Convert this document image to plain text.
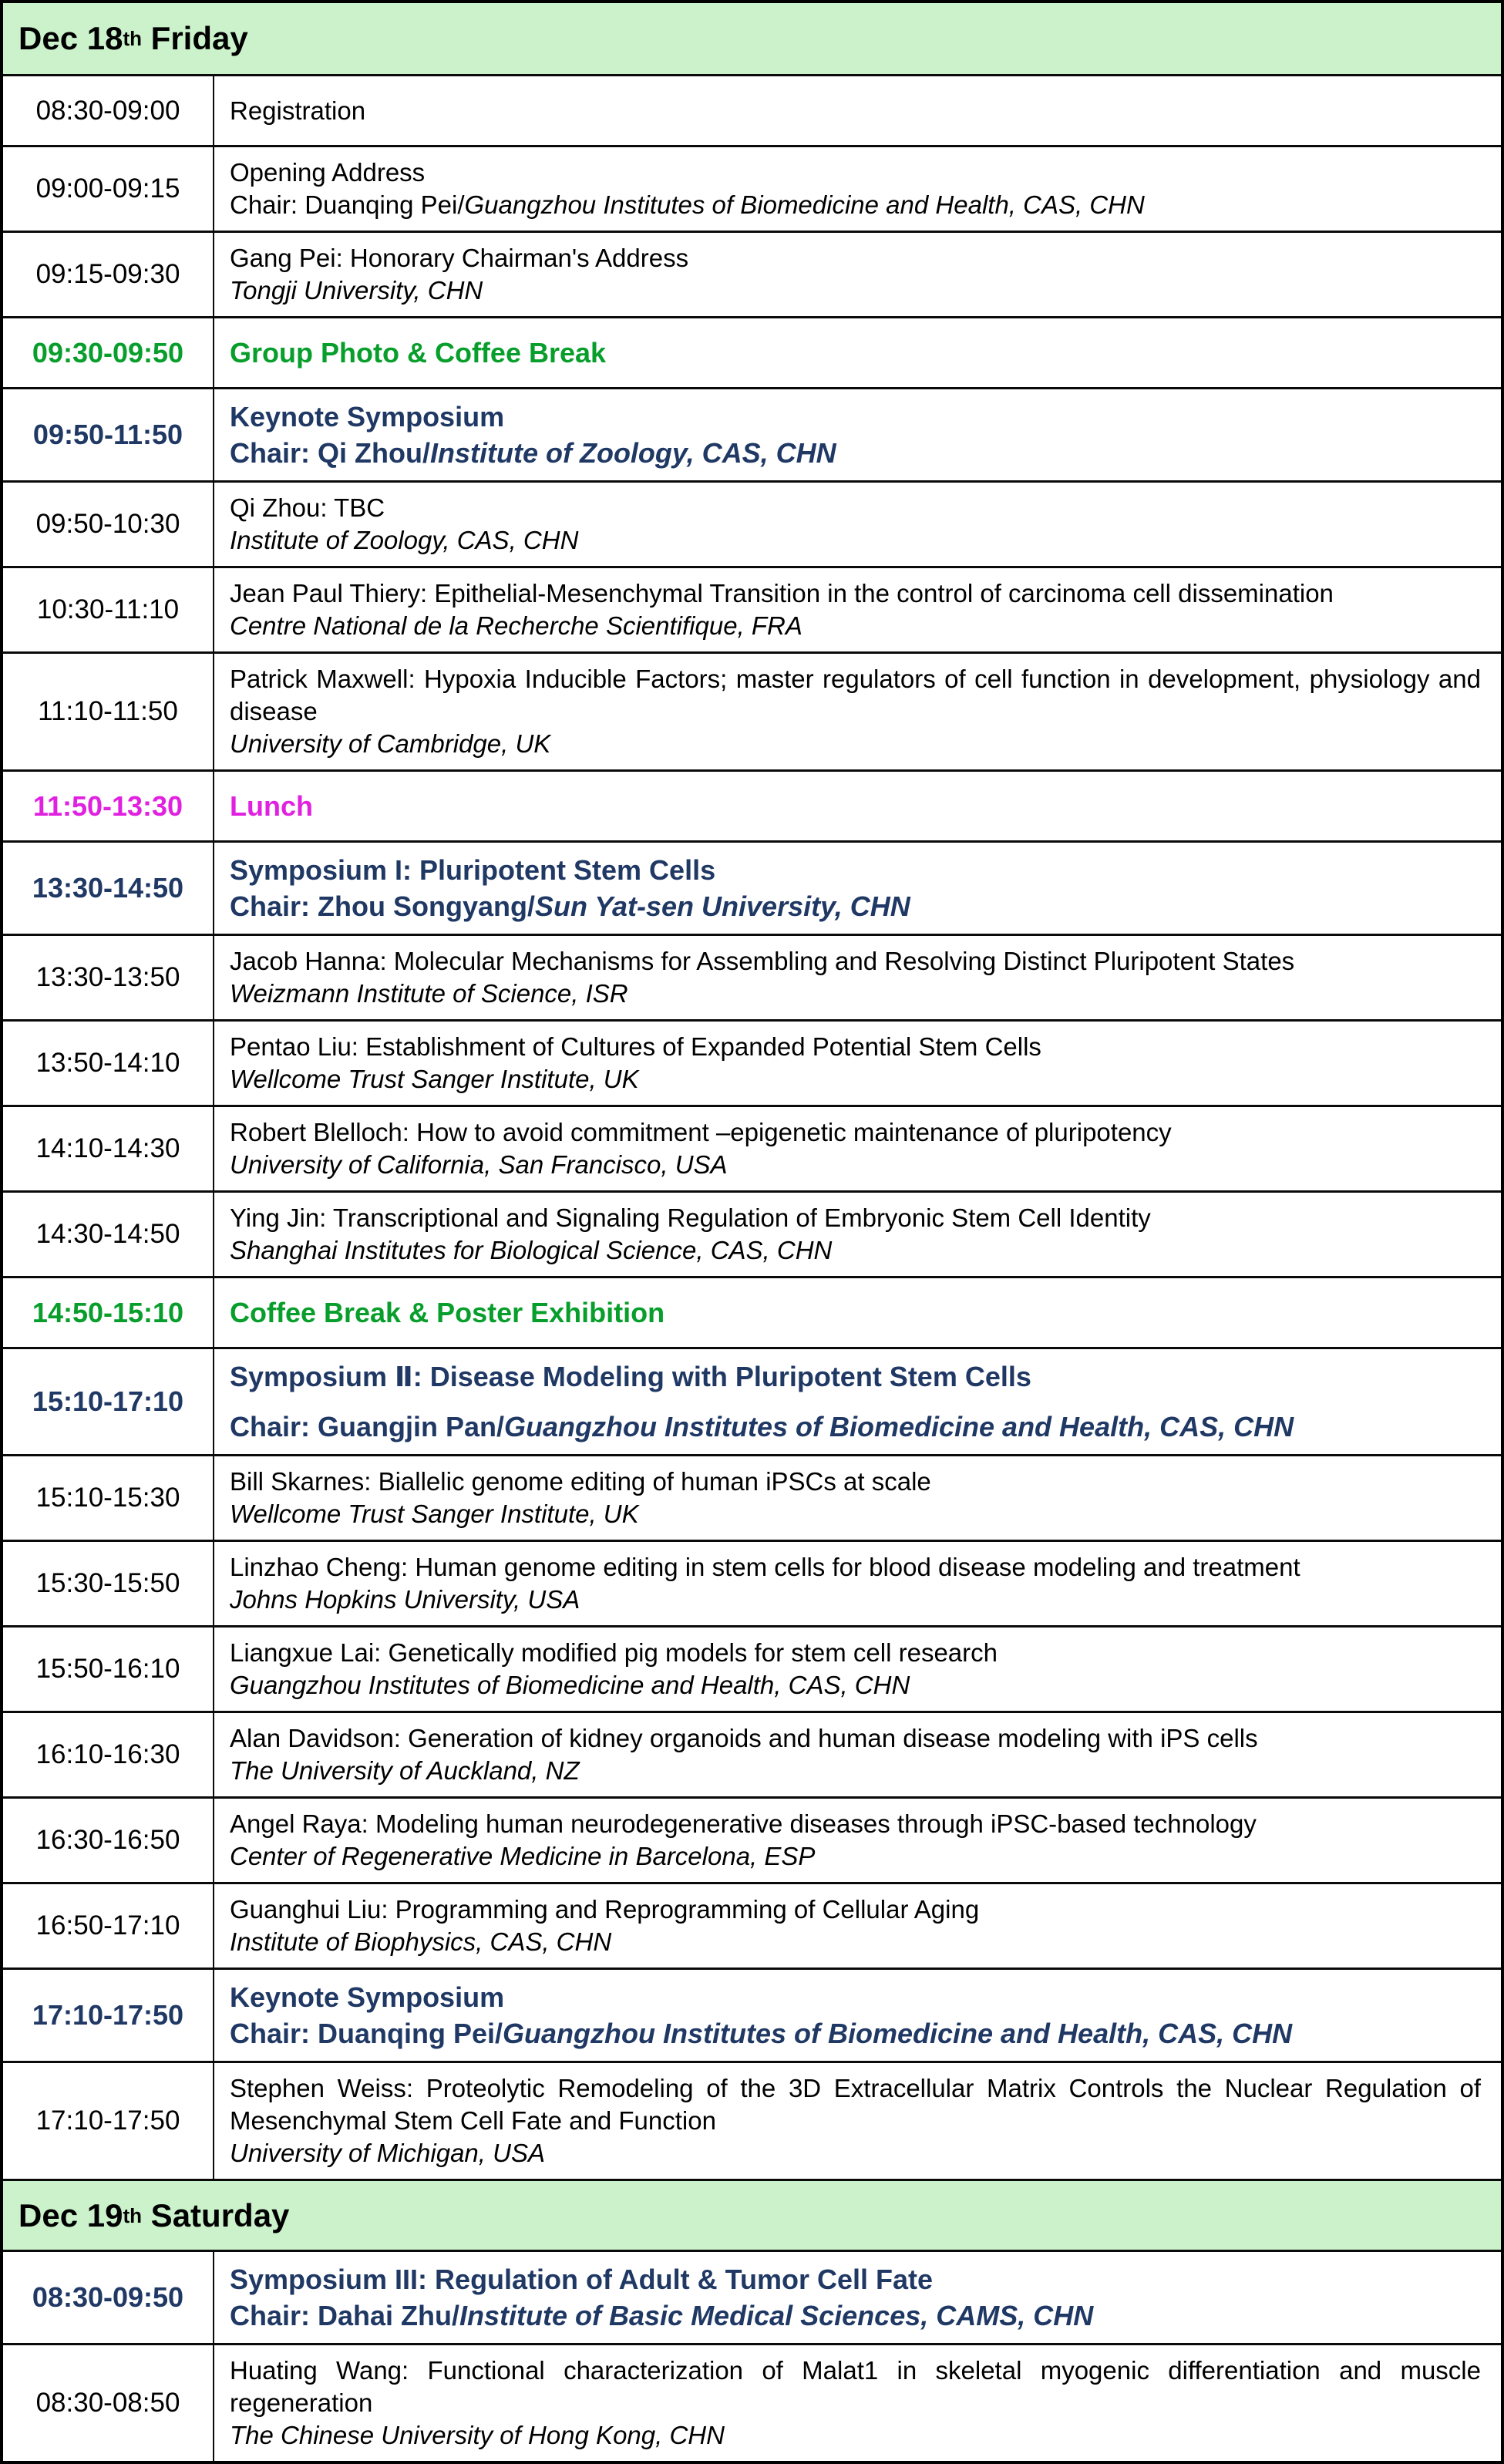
Dec 18 th Friday
08:30-09:00	Registration
09:00-09:15
Opening Address
Chair: Duanqing Pei/Guangzhou Institutes of Biomedicine and Health, CAS, CHN
09:15-09:30
Gang Pei: Honorary Chairman's Address
Tongji University, CHN
09:30-09:50	Group Photo & Coffee Break
09:50-11:50
Keynote Symposium
Chair: Qi Zhou/Institute of Zoology, CAS, CHN
09:50-10:30
Qi Zhou: TBC
Institute of Zoology, CAS, CHN
10:30-11:10
Jean Paul Thiery: Epithelial-Mesenchymal Transition in the control of carcinoma cell dissemination
Centre National de la Recherche Scientifique, FRA
11:10-11:50
Patrick Maxwell: Hypoxia Inducible Factors; master regulators of cell function in development, physiology and disease
University of Cambridge, UK
11:50-13:30	Lunch
13:30-14:50
Symposium I: Pluripotent Stem Cells
Chair: Zhou Songyang/Sun Yat-sen University, CHN
13:30-13:50
Jacob Hanna: Molecular Mechanisms for Assembling and Resolving Distinct Pluripotent States
Weizmann Institute of Science, ISR
13:50-14:10
Pentao Liu: Establishment of Cultures of Expanded Potential Stem Cells
Wellcome Trust Sanger Institute, UK
14:10-14:30
Robert Blelloch: How to avoid commitment –epigenetic maintenance of pluripotency
University of California, San Francisco, USA
14:30-14:50
Ying Jin: Transcriptional and Signaling Regulation of Embryonic Stem Cell Identity
Shanghai Institutes for Biological Science, CAS, CHN
14:50-15:10	Coffee Break & Poster Exhibition
15:10-17:10
Symposium Ⅱ: Disease Modeling with Pluripotent Stem Cells
Chair: Guangjin Pan/Guangzhou Institutes of Biomedicine and Health, CAS, CHN
15:10-15:30
Bill Skarnes: Biallelic genome editing of human iPSCs at scale
Wellcome Trust Sanger Institute, UK
15:30-15:50
Linzhao Cheng: Human genome editing in stem cells for blood disease modeling and treatment
Johns Hopkins University, USA
15:50-16:10
Liangxue Lai: Genetically modified pig models for stem cell research
Guangzhou Institutes of Biomedicine and Health, CAS, CHN
16:10-16:30
Alan Davidson: Generation of kidney organoids and human disease modeling with iPS cells
The University of Auckland, NZ
16:30-16:50
Angel Raya: Modeling human neurodegenerative diseases through iPSC-based technology
Center of Regenerative Medicine in Barcelona, ESP
16:50-17:10
Guanghui Liu: Programming and Reprogramming of Cellular Aging
Institute of Biophysics, CAS, CHN
17:10-17:50
Keynote Symposium
Chair: Duanqing Pei/Guangzhou Institutes of Biomedicine and Health, CAS, CHN
17:10-17:50
Stephen Weiss: Proteolytic Remodeling of the 3D Extracellular Matrix Controls the Nuclear Regulation of Mesenchymal Stem Cell Fate and Function
University of Michigan, USA
Dec 19 th Saturday
08:30-09:50
Symposium III: Regulation of Adult & Tumor Cell Fate
Chair: Dahai Zhu/Institute of Basic Medical Sciences, CAMS, CHN
08:30-08:50
Huating Wang: Functional characterization of Malat1 in skeletal myogenic differentiation and muscle regeneration
The Chinese University of Hong Kong, CHN
